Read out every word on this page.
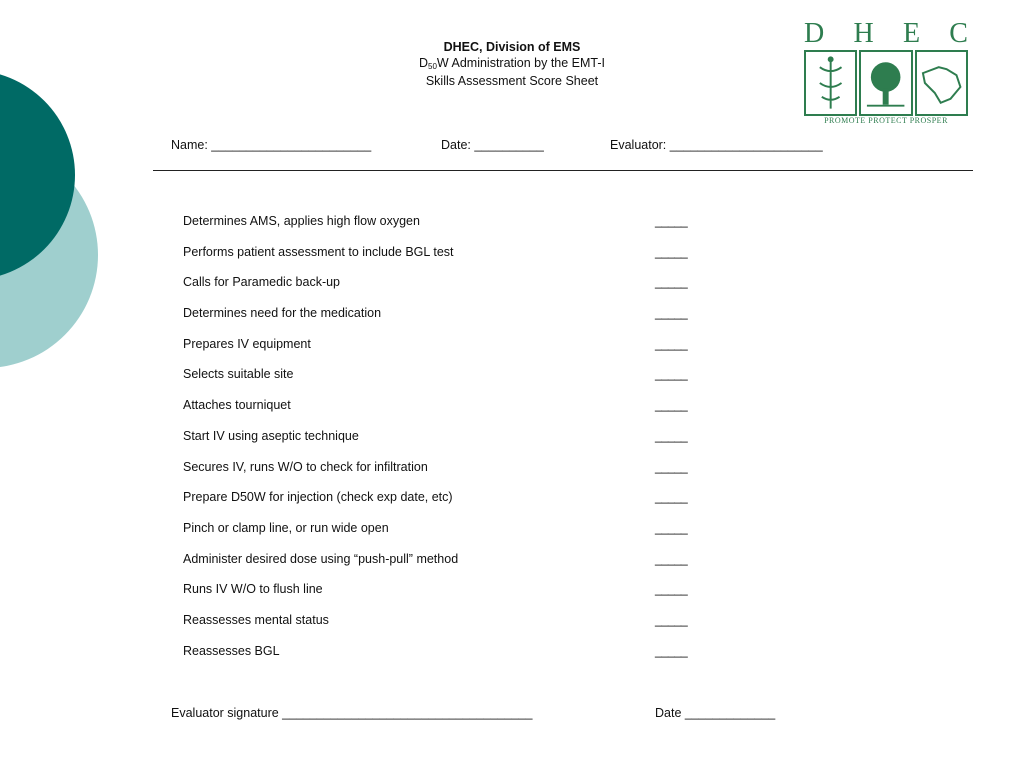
DHEC, Division of EMS
$D_{50}W$ Administration by the EMT-I
Skills Assessment Score Sheet
D H E C
PROMOTE PROTECT PROSPER
Name: _______________________	Date: __________	Evaluator: ______________________
Determines AMS, applies high flow oxygen	_____
Performs patient assessment to include BGL test	_____
Calls for Paramedic back-up	_____
Determines need for the medication	_____
Prepares IV equipment	_____
Selects suitable site	_____
Attaches tourniquet	_____
Start IV using aseptic technique	_____
Secures IV, runs W/O to check for infiltration	_____
Prepare D50W for injection (check exp date, etc)	_____
Pinch or clamp line, or run wide open	_____
Administer desired dose using “push-pull” method	_____
Runs IV W/O to flush line	_____
Reassesses mental status	_____
Reassesses BGL	_____
Evaluator signature ____________________________________	Date _____________
